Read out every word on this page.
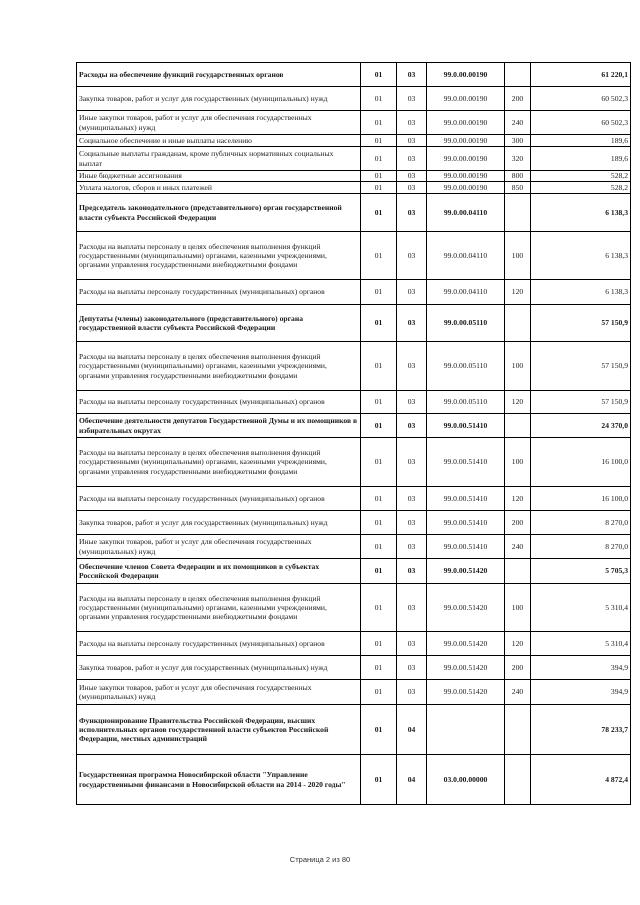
Расходы на обеспечение функций государственных органов	01	03	99.0.00.00190		61 220,1
Закупка товаров, работ и услуг для государственных (муниципальных) нужд	01	03	99.0.00.00190	200	60 502,3
Иные закупки товаров, работ и услуг для обеспечения государственных (муниципальных) нужд	01	03	99.0.00.00190	240	60 502,3
Социальное обеспечение и иные выплаты населению	01	03	99.0.00.00190	300	189,6
Социальные выплаты гражданам, кроме публичных нормативных социальных выплат	01	03	99.0.00.00190	320	189,6
Иные бюджетные ассигнования	01	03	99.0.00.00190	800	528,2
Уплата налогов, сборов и иных платежей	01	03	99.0.00.00190	850	528,2
Председатель законодательного (представительного) орган государственной власти субъекта Российской Федерации	01	03	99.0.00.04110		6 138,3
Расходы на выплаты персоналу в целях обеспечения выполнения функций государственными (муниципальными) органами, казенными учреждениями, органами управления государственными внебюджетными фондами	01	03	99.0.00.04110	100	6 138,3
Расходы на выплаты персоналу государственных (муниципальных) органов	01	03	99.0.00.04110	120	6 138,3
Депутаты (члены) законодательного (представительного) органа государственной власти субъекта Российской Федерации	01	03	99.0.00.05110		57 150,9
Расходы на выплаты персоналу в целях обеспечения выполнения функций государственными (муниципальными) органами, казенными учреждениями, органами управления государственными внебюджетными фондами	01	03	99.0.00.05110	100	57 150,9
Расходы на выплаты персоналу государственных (муниципальных) органов	01	03	99.0.00.05110	120	57 150,9
Обеспечение деятельности депутатов Государственной Думы и их помощников в избирательных округах	01	03	99.0.00.51410		24 370,0
Расходы на выплаты персоналу в целях обеспечения выполнения функций государственными (муниципальными) органами, казенными учреждениями, органами управления государственными внебюджетными фондами	01	03	99.0.00.51410	100	16 100,0
Расходы на выплаты персоналу государственных (муниципальных) органов	01	03	99.0.00.51410	120	16 100,0
Закупка товаров, работ и услуг для государственных (муниципальных) нужд	01	03	99.0.00.51410	200	8 270,0
Иные закупки товаров, работ и услуг для обеспечения государственных (муниципальных) нужд	01	03	99.0.00.51410	240	8 270,0
Обеспечение членов Совета Федерации и их помощников в субъектах Российской Федерации	01	03	99.0.00.51420		5 705,3
Расходы на выплаты персоналу в целях обеспечения выполнения функций государственными (муниципальными) органами, казенными учреждениями, органами управления государственными внебюджетными фондами	01	03	99.0.00.51420	100	5 310,4
Расходы на выплаты персоналу государственных (муниципальных) органов	01	03	99.0.00.51420	120	5 310,4
Закупка товаров, работ и услуг для государственных (муниципальных) нужд	01	03	99.0.00.51420	200	394,9
Иные закупки товаров, работ и услуг для обеспечения государственных (муниципальных) нужд	01	03	99.0.00.51420	240	394,9
Функционирование Правительства Российской Федерации, высших исполнительных органов государственной власти субъектов Российской Федерации, местных администраций	01	04			78 233,7
Государственная программа Новосибирской области "Управление государственными финансами в Новосибирской области на 2014 - 2020 годы"	01	04	03.0.00.00000		4 872,4
Страница 2 из 80
